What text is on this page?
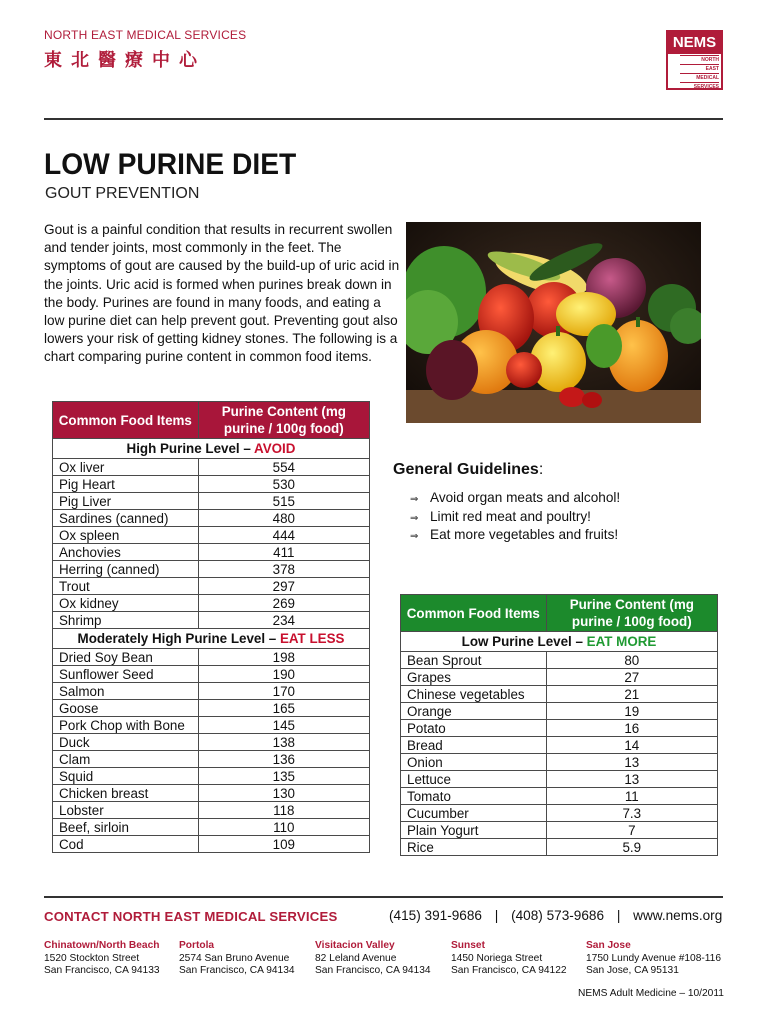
NORTH EAST MEDICAL SERVICES
東北醫療中心
NEMS
NORTH
EAST
MEDICAL
SERVICES
LOW PURINE DIET
GOUT PREVENTION

Gout is a painful condition that results in recurrent swollen and tender joints, most commonly in the feet. The symptoms of gout are caused by the build-up of uric acid in the joints. Uric acid is formed when purines break down in the body. Purines are found in many foods, and eating a low purine diet can help prevent gout. Preventing gout also lowers your risk of getting kidney stones. The following is a chart comparing purine content in common food items.

Common Food Items	Purine Content (mg purine / 100g food)
High Purine Level – AVOID	
Ox liver	554
Pig Heart	530
Pig Liver	515
Sardines (canned)	480
Ox spleen	444
Anchovies	411
Herring (canned)	378
Trout	297
Ox kidney	269
Shrimp	234
Moderately High Purine Level – EAT LESS	
Dried Soy Bean	198
Sunflower Seed	190
Salmon	170
Goose	165
Pork Chop with Bone	145
Duck	138
Clam	136
Squid	135
Chicken breast	130
Lobster	118
Beef, sirloin	110
Cod	109
General Guidelines:
⇒ Avoid organ meats and alcohol!
⇒ Limit red meat and poultry!
⇒ Eat more vegetables and fruits!
Common Food Items	Purine Content (mg purine / 100g food)
Low Purine Level – EAT MORE	
Bean Sprout	80
Grapes	27
Chinese vegetables	21
Orange	19
Potato	16
Bread	14
Onion	13
Lettuce	13
Tomato	11
Cucumber	7.3
Plain Yogurt	7
Rice	5.9
CONTACT NORTH EAST MEDICAL SERVICES	(415) 391-9686 | (408) 573-9686 | www.nems.org
Chinatown/North Beach
1520 Stockton Street
San Francisco, CA 94133
Portola
2574 San Bruno Avenue
San Francisco, CA 94134
Visitacion Valley
82 Leland Avenue
San Francisco, CA 94134
Sunset
1450 Noriega Street
San Francisco, CA 94122
San Jose
1750 Lundy Avenue #108-116
San Jose, CA 95131
NEMS Adult Medicine – 10/2011
